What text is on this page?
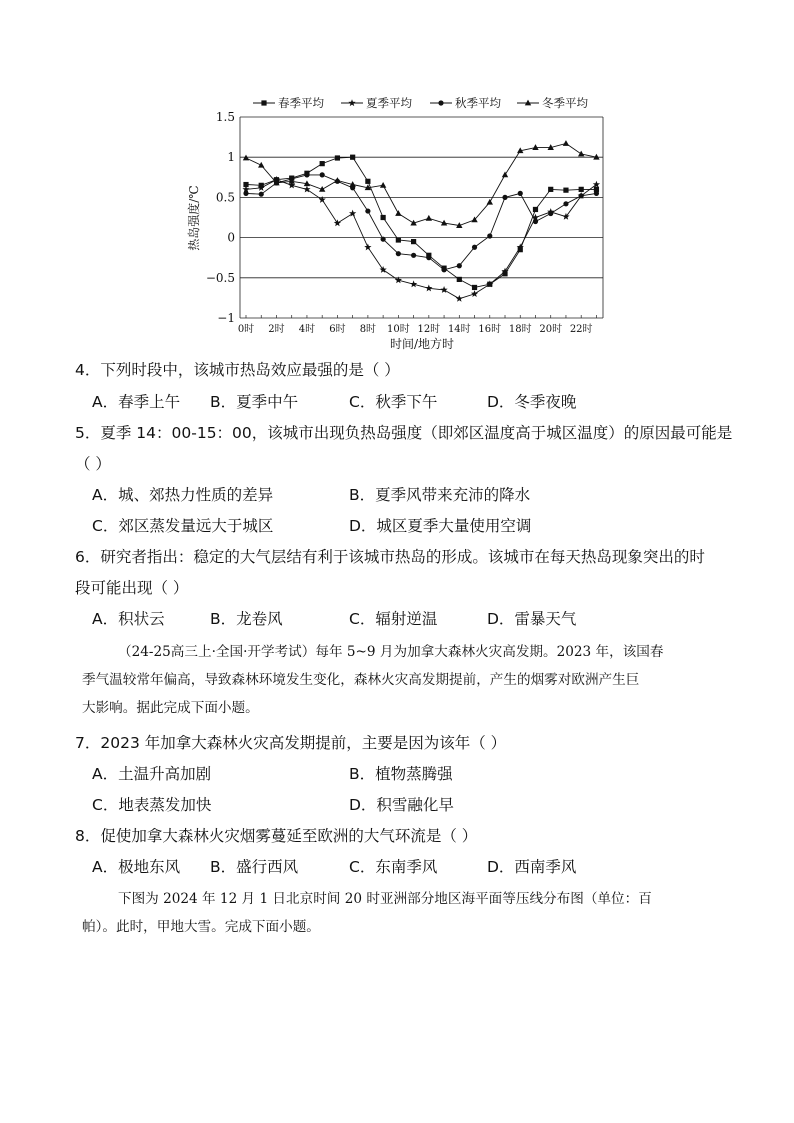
1.5
1
0.5
0
−0.5
−1
0时 2时 4时 6时 8时 10时 12时 14时 16时 18时 20时 22时
春季平均	夏季平均	秋季平均	冬季平均
热岛强度/℃
时间/地方时
4．下列时段中，该城市热岛效应最强的是（ ）
A．春季上午 B．夏季中午	C．秋季下午	D．冬季夜晚
5．夏季 14：00-15：00，该城市出现负热岛强度（即郊区温度高于城区温度）的原因最可能是
（ ）
A．城、郊热力性质的差异	B．夏季风带来充沛的降水
C．郊区蒸发量远大于城区	D．城区夏季大量使用空调
6．研究者指出：稳定的大气层结有利于该城市热岛的形成。该城市在每天热岛现象突出的时
段可能出现（ ）
A．积状云	B．龙卷风	C．辐射逆温	D．雷暴天气
（24-25高三上·全国·开学考试）每年 5~9 月为加拿大森林火灾高发期。2023 年，该国春
季气温较常年偏高，导致森林环境发生变化，森林火灾高发期提前，产生的烟雾对欧洲产生巨
大影响。据此完成下面小题。
7．2023 年加拿大森林火灾高发期提前，主要是因为该年（ ）
A．土温升高加剧	B．植物蒸腾强
C．地表蒸发加快	D．积雪融化早
8．促使加拿大森林火灾烟雾蔓延至欧洲的大气环流是（ ）
A．极地东风 B．盛行西风	C．东南季风	D．西南季风
下图为 2024 年 12 月 1 日北京时间 20 时亚洲部分地区海平面等压线分布图（单位：百
帕）。此时，甲地大雪。完成下面小题。
